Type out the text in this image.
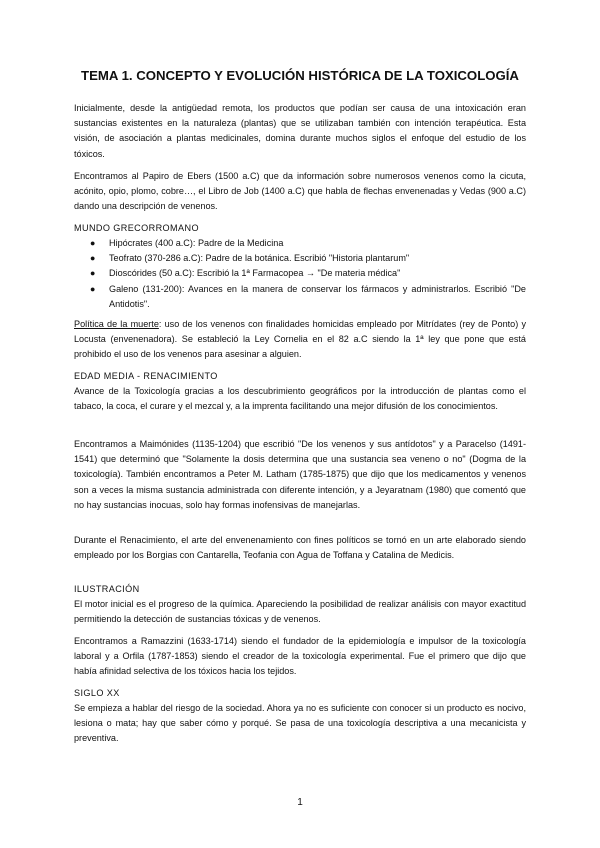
TEMA 1. CONCEPTO Y EVOLUCIÓN HISTÓRICA DE LA TOXICOLOGÍA

Inicialmente, desde la antigüedad remota, los productos que podían ser causa de una intoxicación eran sustancias existentes en la naturaleza (plantas) que se utilizaban también con intención terapéutica. Esta visión, de asociación a plantas medicinales, domina durante muchos siglos el enfoque del estudio de los tóxicos.

Encontramos al Papiro de Ebers (1500 a.C) que da información sobre numerosos venenos como la cicuta, acónito, opio, plomo, cobre…, el Libro de Job (1400 a.C) que habla de flechas envenenadas y Vedas (900 a.C) dando una descripción de venenos.

MUNDO GRECORROMANO

● Hipócrates (400 a.C): Padre de la Medicina
● Teofrato (370-286 a.C): Padre de la botánica. Escribió "Historia plantarum"
● Dioscórides (50 a.C): Escribió la 1ª Farmacopea → "De materia médica"
● Galeno (131-200): Avances en la manera de conservar los fármacos y administrarlos. Escribió "De Antidotis".

Política de la muerte: uso de los venenos con finalidades homicidas empleado por Mitrídates (rey de Ponto) y Locusta (envenenadora). Se estableció la Ley Cornelia en el 82 a.C siendo la 1ª ley que pone que está prohibido el uso de los venenos para asesinar a alguien.

EDAD MEDIA - RENACIMIENTO

Avance de la Toxicología gracias a los descubrimiento geográficos por la introducción de plantas como el tabaco, la coca, el curare y el mezcal y, a la imprenta facilitando una mejor difusión de los conocimientos.

Encontramos a Maimónides (1135-1204) que escribió "De los venenos y sus antídotos" y a Paracelso (1491-1541) que determinó que "Solamente la dosis determina que una sustancia sea veneno o no" (Dogma de la toxicología). También encontramos a Peter M. Latham (1785-1875) que dijo que los medicamentos y venenos son a veces la misma sustancia administrada con diferente intención, y a Jeyaratnam (1980) que comentó que no hay sustancias inocuas, solo hay formas inofensivas de manejarlas.

Durante el Renacimiento, el arte del envenenamiento con fines políticos se tornó en un arte elaborado siendo empleado por los Borgias con Cantarella, Teofania con Agua de Toffana y Catalina de Medicis.

ILUSTRACIÓN

El motor inicial es el progreso de la química. Apareciendo la posibilidad de realizar análisis con mayor exactitud permitiendo la detección de sustancias tóxicas y de venenos.

Encontramos a Ramazzini (1633-1714) siendo el fundador de la epidemiología e impulsor de la toxicología laboral y a Orfila (1787-1853) siendo el creador de la toxicología experimental. Fue el primero que dijo que había afinidad selectiva de los tóxicos hacia los tejidos.

SIGLO XX

Se empieza a hablar del riesgo de la sociedad. Ahora ya no es suficiente con conocer si un producto es nocivo, lesiona o mata; hay que saber cómo y porqué. Se pasa de una toxicología descriptiva a una mecanicista y preventiva.

1
